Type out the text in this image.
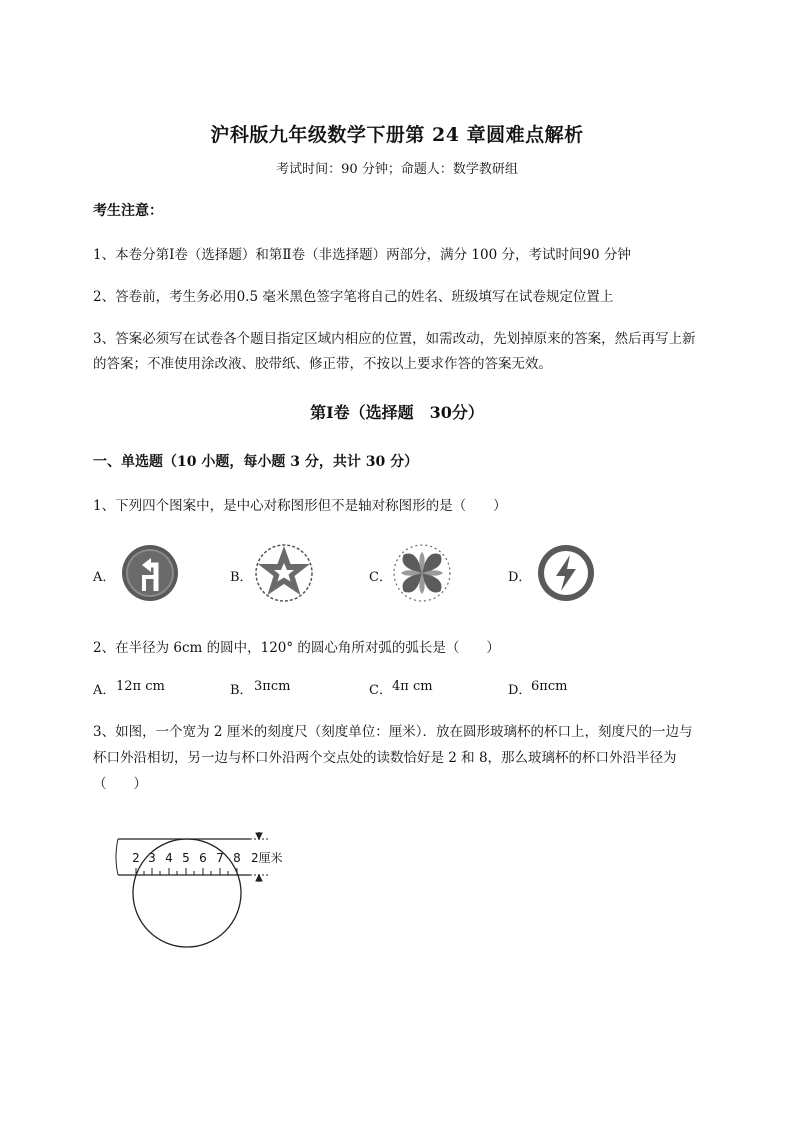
沪科版九年级数学下册第 24 章圆难点解析
考试时间：90 分钟；命题人：数学教研组
考生注意：
1、本卷分第Ⅰ卷（选择题）和第Ⅱ卷（非选择题）两部分，满分 100 分，考试时间90 分钟
2、答卷前，考生务必用0.5 毫米黑色签字笔将自己的姓名、班级填写在试卷规定位置上
3、答案必须写在试卷各个题目指定区域内相应的位置，如需改动，先划掉原来的答案，然后再写上新
的答案；不准使用涂改液、胶带纸、修正带，不按以上要求作答的答案无效。
第Ⅰ卷（选择题　30分）
一、单选题（10 小题，每小题 3 分，共计 30 分）
1、下列四个图案中，是中心对称图形但不是轴对称图形的是（　　）
A．	B．	C．	D．
2、在半径为 6cm 的圆中，120° 的圆心角所对弧的弧长是（　　）
A． 12π cm	B． 3πcm	C． 4π cm	D． 6πcm
3、如图，一个宽为 2 厘米的刻度尺（刻度单位：厘米）．放在圆形玻璃杯的杯口上，刻度尺的一边与
杯口外沿相切，另一边与杯口外沿两个交点处的读数恰好是 2 和 8，那么玻璃杯的杯口外沿半径为
（　　）
2 3 4 5 6 7 8 2厘米
